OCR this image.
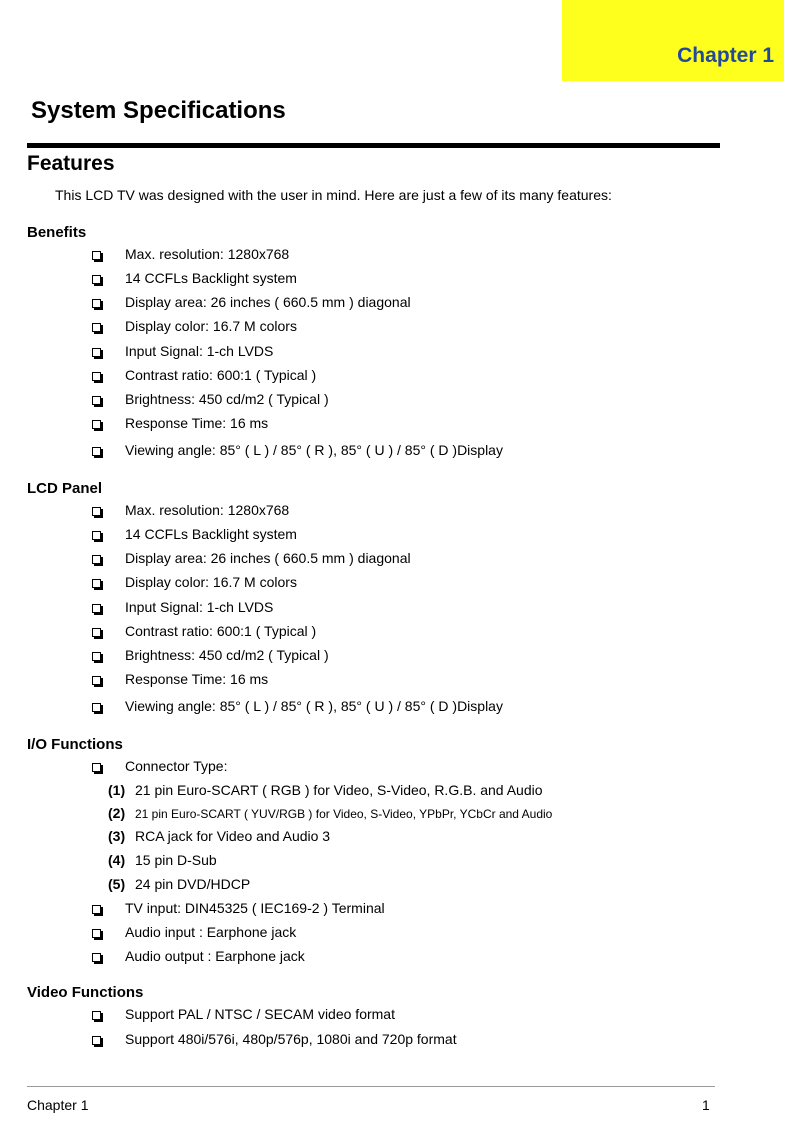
Chapter 1
System Specifications
Features
This LCD TV was designed with the user in mind. Here are just a few of its many features:
Benefits
Max. resolution: 1280x768
14 CCFLs Backlight system
Display area: 26 inches ( 660.5 mm ) diagonal
Display color: 16.7 M colors
Input Signal: 1-ch LVDS
Contrast ratio: 600:1 ( Typical )
Brightness: 450 cd/m2 ( Typical )
Response Time: 16 ms
Viewing angle: 85° ( L ) / 85° ( R ), 85° ( U ) / 85° ( D )Display
LCD Panel
Max. resolution: 1280x768
14 CCFLs Backlight system
Display area: 26 inches ( 660.5 mm ) diagonal
Display color: 16.7 M colors
Input Signal: 1-ch LVDS
Contrast ratio: 600:1 ( Typical )
Brightness: 450 cd/m2 ( Typical )
Response Time: 16 ms
Viewing angle: 85° ( L ) / 85° ( R ), 85° ( U ) / 85° ( D )Display
I/O Functions
Connector Type:
(1) 21 pin Euro-SCART ( RGB ) for Video, S-Video, R.G.B. and Audio
(2) 21 pin Euro-SCART ( YUV/RGB ) for Video, S-Video, YPbPr, YCbCr and Audio
(3) RCA jack for Video and Audio 3
(4) 15 pin D-Sub
(5) 24 pin DVD/HDCP
TV input: DIN45325 ( IEC169-2 ) Terminal
Audio input : Earphone jack
Audio output : Earphone jack
Video Functions
Support PAL / NTSC / SECAM video format
Support 480i/576i, 480p/576p, 1080i and 720p format
Chapter 1	1
